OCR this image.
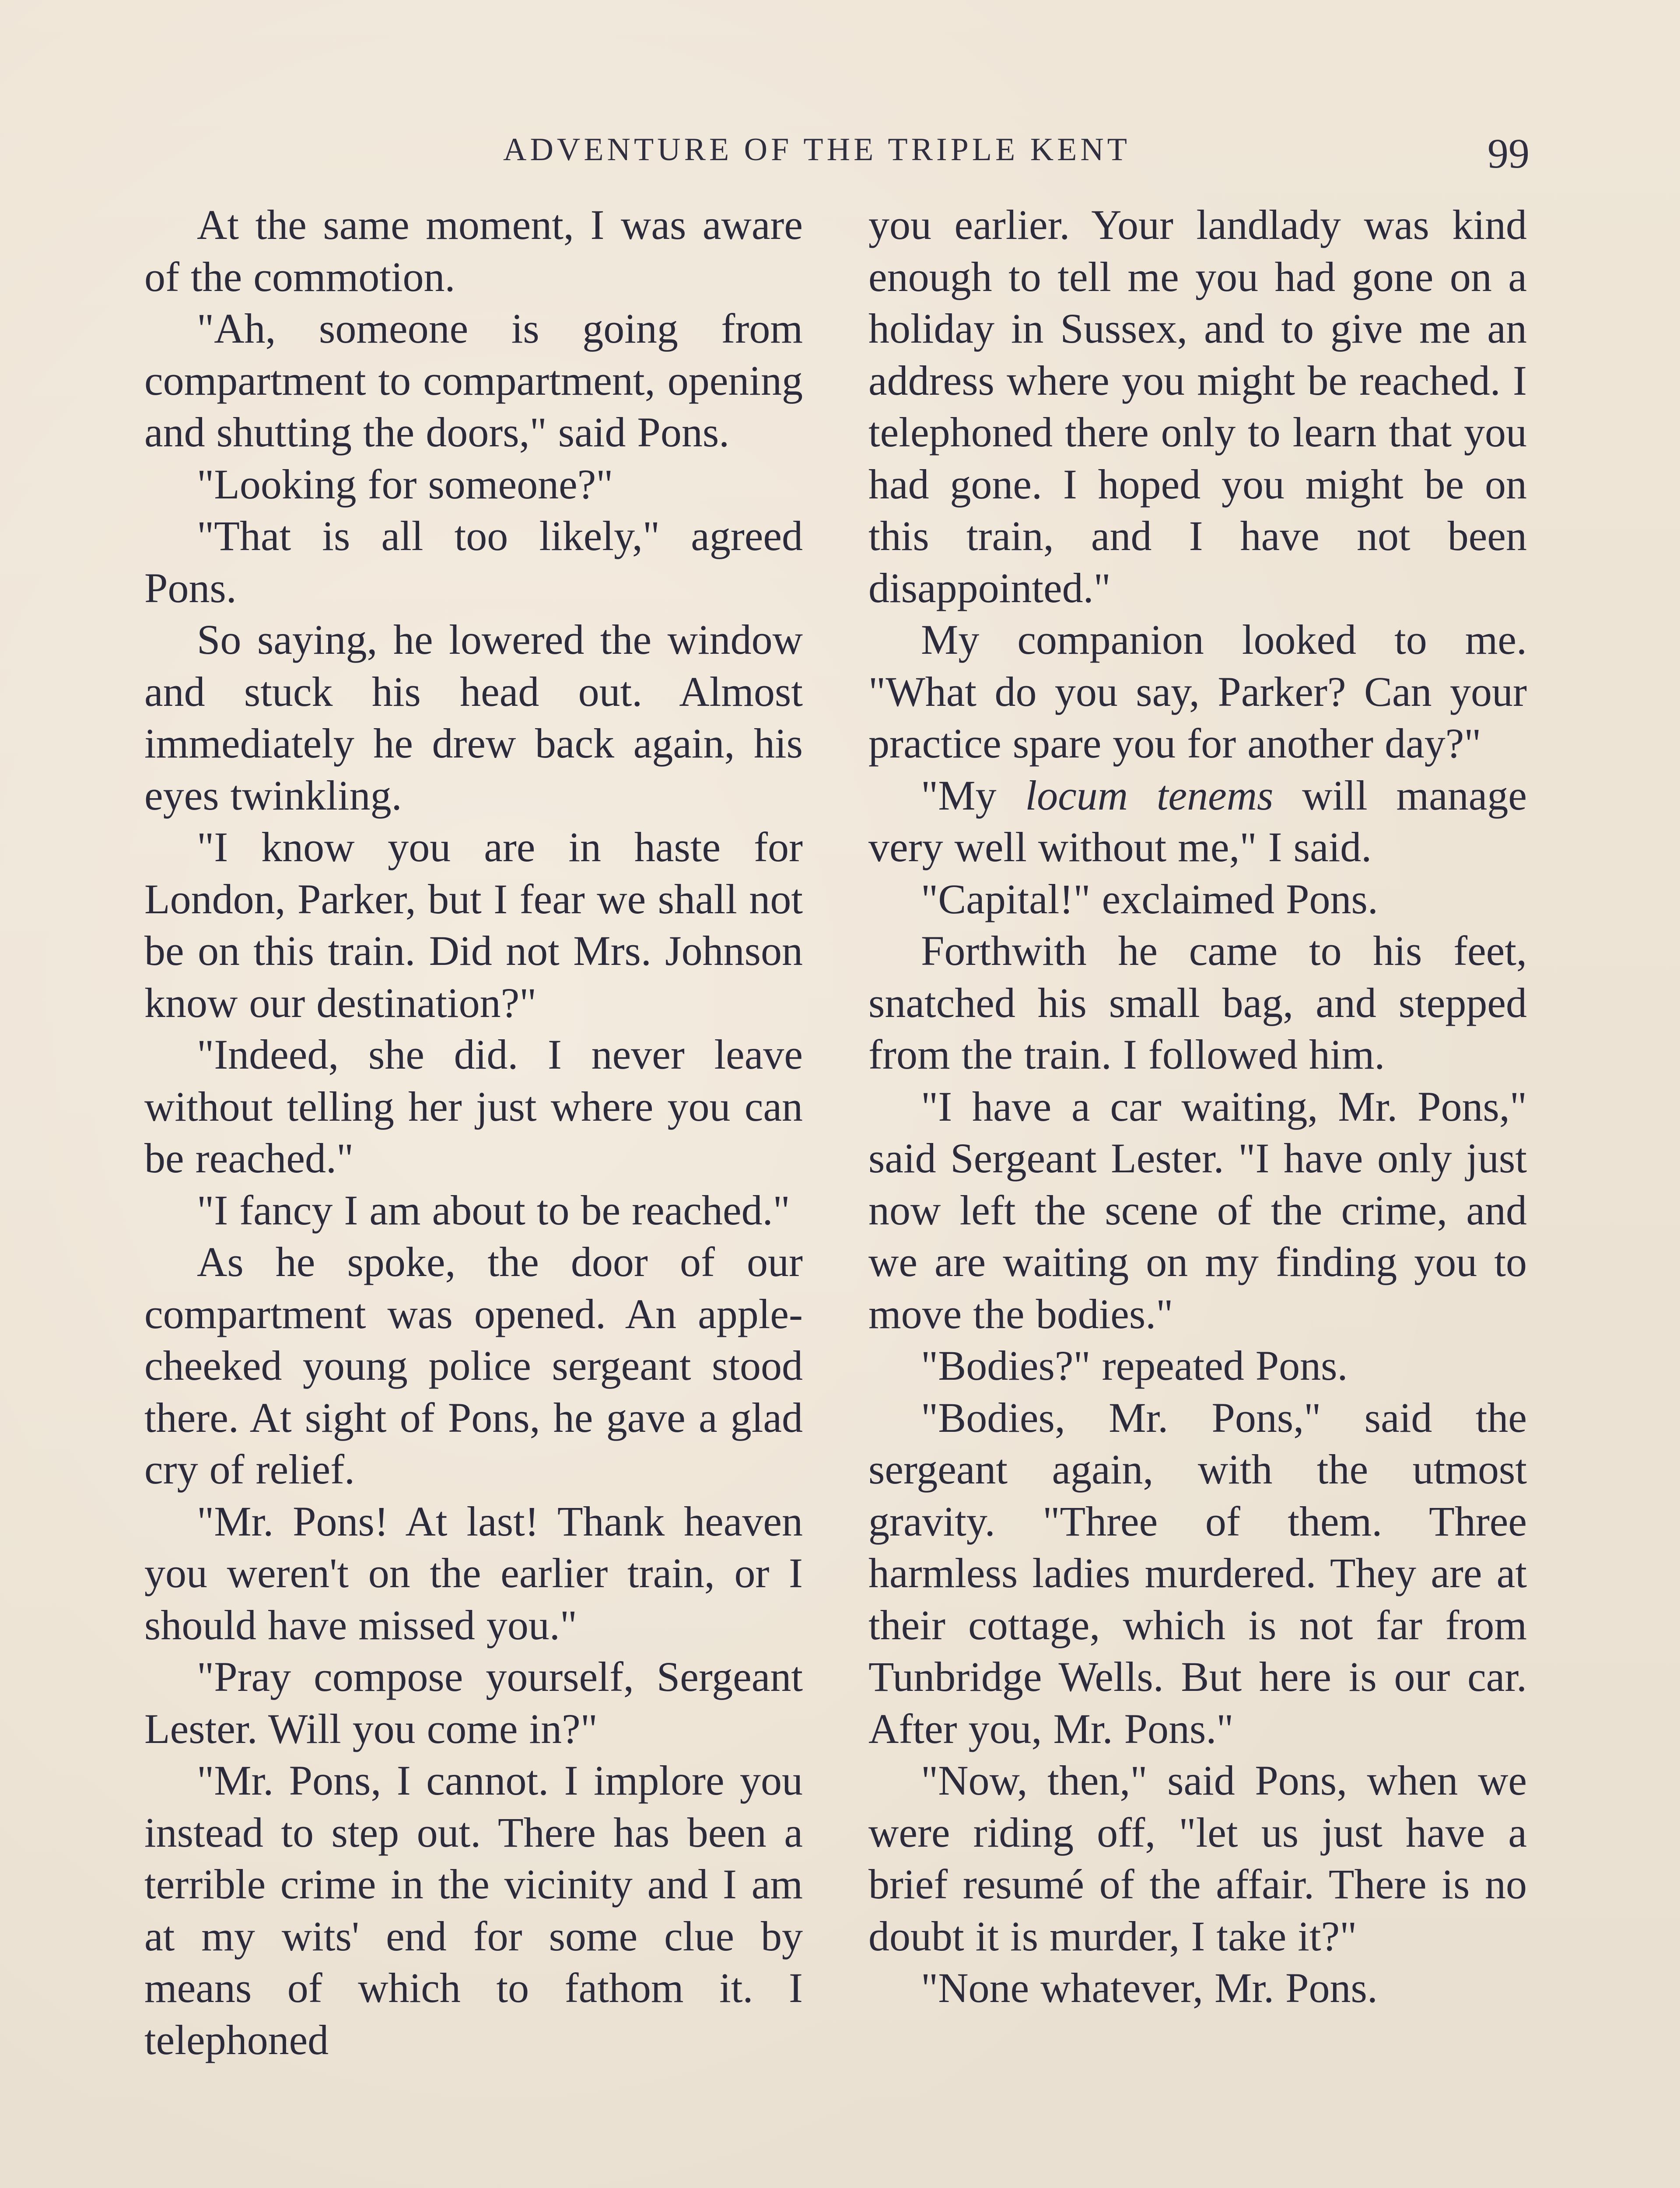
ADVENTURE OF THE TRIPLE KENT	99

At the same moment, I was aware of the commotion.

"Ah, someone is going from compartment to compartment, opening and shutting the doors," said Pons.

"Looking for someone?"

"That is all too likely," agreed Pons.

So saying, he lowered the window and stuck his head out. Almost immediately he drew back again, his eyes twinkling.

"I know you are in haste for London, Parker, but I fear we shall not be on this train. Did not Mrs. Johnson know our destination?"

"Indeed, she did. I never leave without telling her just where you can be reached."

"I fancy I am about to be reached."

As he spoke, the door of our compartment was opened. An apple-cheeked young police sergeant stood there. At sight of Pons, he gave a glad cry of relief.

"Mr. Pons! At last! Thank heaven you weren't on the earlier train, or I should have missed you."

"Pray compose yourself, Sergeant Lester. Will you come in?"

"Mr. Pons, I cannot. I implore you instead to step out. There has been a terrible crime in the vicinity and I am at my wits' end for some clue by means of which to fathom it. I telephoned

you earlier. Your landlady was kind enough to tell me you had gone on a holiday in Sussex, and to give me an address where you might be reached. I telephoned there only to learn that you had gone. I hoped you might be on this train, and I have not been disappointed."

My companion looked to me. "What do you say, Parker? Can your practice spare you for another day?"

"My locum tenems will manage very well without me," I said.

"Capital!" exclaimed Pons.

Forthwith he came to his feet, snatched his small bag, and stepped from the train. I followed him.

"I have a car waiting, Mr. Pons," said Sergeant Lester. "I have only just now left the scene of the crime, and we are waiting on my finding you to move the bodies."

"Bodies?" repeated Pons.

"Bodies, Mr. Pons," said the sergeant again, with the utmost gravity. "Three of them. Three harmless ladies murdered. They are at their cottage, which is not far from Tunbridge Wells. But here is our car. After you, Mr. Pons."

"Now, then," said Pons, when we were riding off, "let us just have a brief resumé of the affair. There is no doubt it is murder, I take it?"

"None whatever, Mr. Pons.
